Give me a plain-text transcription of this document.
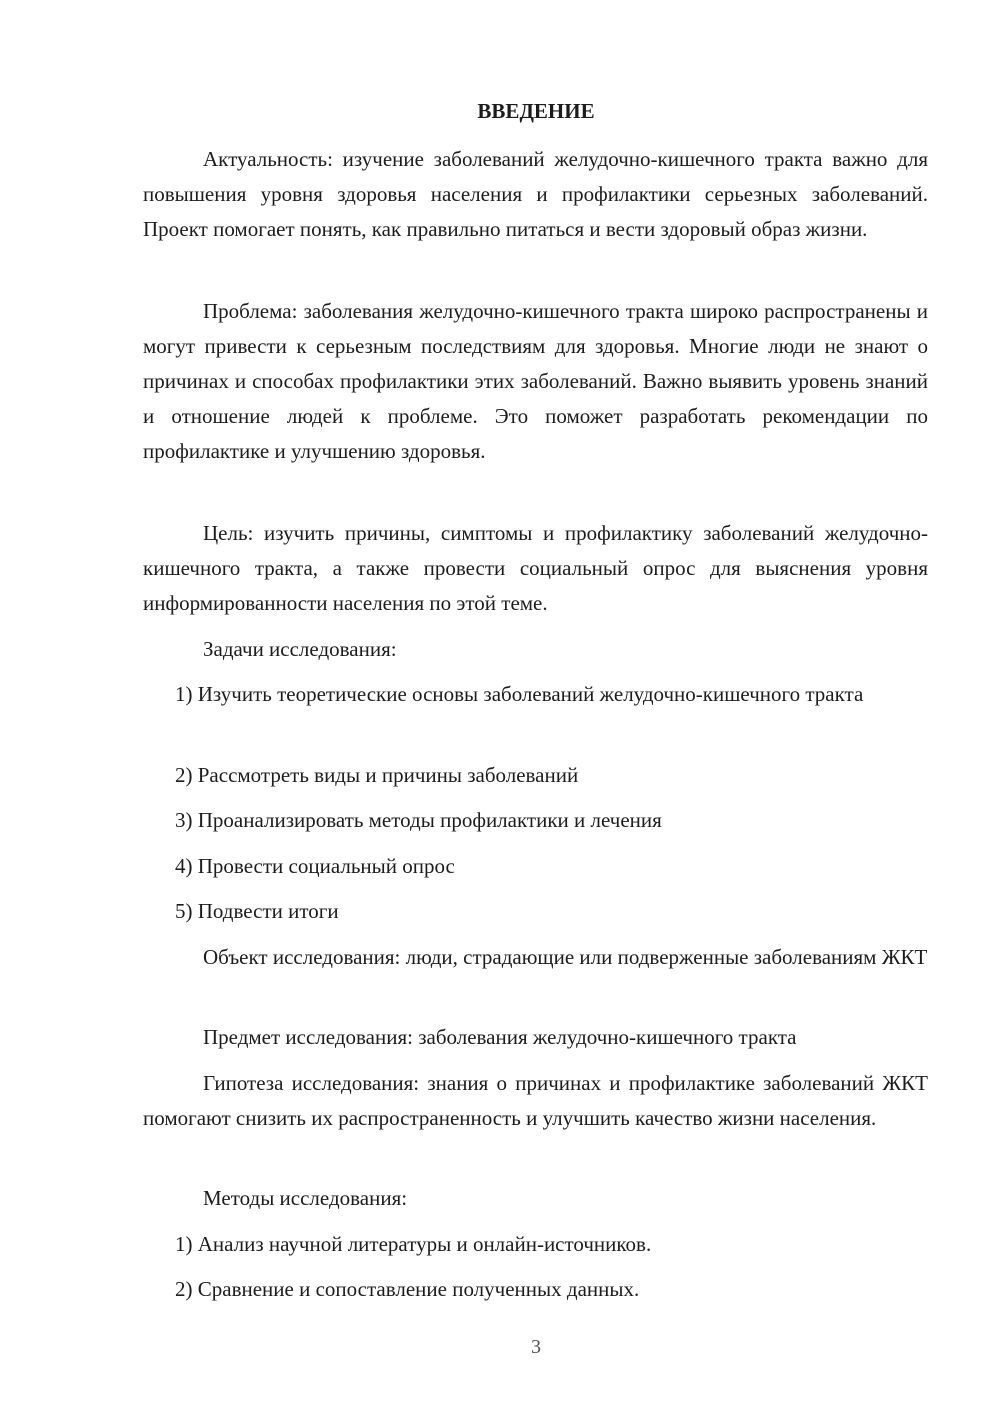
ВВЕДЕНИЕ

Актуальность: изучение заболеваний желудочно-кишечного тракта важно для повышения уровня здоровья населения и профилактики серьезных заболеваний. Проект помогает понять, как правильно питаться и вести здоровый образ жизни.

Проблема: заболевания желудочно-кишечного тракта широко распространены и могут привести к серьезным последствиям для здоровья. Многие люди не знают о причинах и способах профилактики этих заболеваний. Важно выявить уровень знаний и отношение людей к проблеме. Это поможет разработать рекомендации по профилактике и улучшению здоровья.

Цель: изучить причины, симптомы и профилактику заболеваний желудочно-кишечного тракта, а также провести социальный опрос для выяснения уровня информированности населения по этой теме.

Задачи исследования:

1) Изучить теоретические основы заболеваний желудочно-кишечного тракта

2) Рассмотреть виды и причины заболеваний

3) Проанализировать методы профилактики и лечения

4) Провести социальный опрос

5) Подвести итоги

Объект исследования: люди, страдающие или подверженные заболеваниям ЖКТ

Предмет исследования: заболевания желудочно-кишечного тракта

Гипотеза исследования: знания о причинах и профилактике заболеваний ЖКТ помогают снизить их распространенность и улучшить качество жизни населения.

Методы исследования:

1) Анализ научной литературы и онлайн-источников.

2) Сравнение и сопоставление полученных данных.

3
